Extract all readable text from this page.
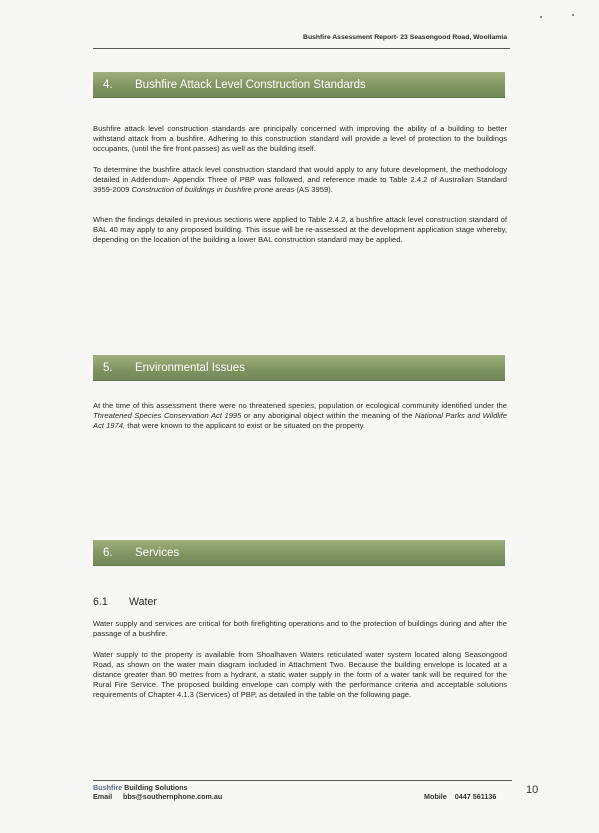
Bushfire Assessment Report- 23 Seasongood Road, Woollamia
4.	Bushfire Attack Level Construction Standards

Bushfire attack level construction standards are principally concerned with improving the ability of a building to better withstand attack from a bushfire. Adhering to this construction standard will provide a level of protection to the buildings occupants, (until the fire front passes) as well as the building itself.

To determine the bushfire attack level construction standard that would apply to any future development, the methodology detailed in Addendum- Appendix Three of PBP was followed, and reference made to Table 2.4.2 of Australian Standard 3959-2009 Construction of buildings in bushfire prone areas (AS 3959).

When the findings detailed in previous sections were applied to Table 2.4.2, a bushfire attack level construction standard of BAL 40 may apply to any proposed building. This issue will be re-assessed at the development application stage whereby, depending on the location of the building a lower BAL construction standard may be applied.

5.	Environmental Issues

At the time of this assessment there were no threatened species, population or ecological community identified under the Threatened Species Conservation Act 1995 or any aboriginal object within the meaning of the National Parks and Wildlife Act 1974, that were known to the applicant to exist or be situated on the property.

6.	Services
6.1 Water

Water supply and services are critical for both firefighting operations and to the protection of buildings during and after the passage of a bushfire.

Water supply to the property is available from Shoalhaven Waters reticulated water system located along Seasongood Road, as shown on the water main diagram included in Attachment Two. Because the building envelope is located at a distance greater than 90 metres from a hydrant, a static water supply in the form of a water tank will be required for the Rural Fire Service. The proposed building envelope can comply with the performance criteria and acceptable solutions requirements of Chapter 4.1.3 (Services) of PBP, as detailed in the table on the following page.

Bushfire Building Solutions
Email bbs@southernphone.com.au	Mobile 0447 561136
10
